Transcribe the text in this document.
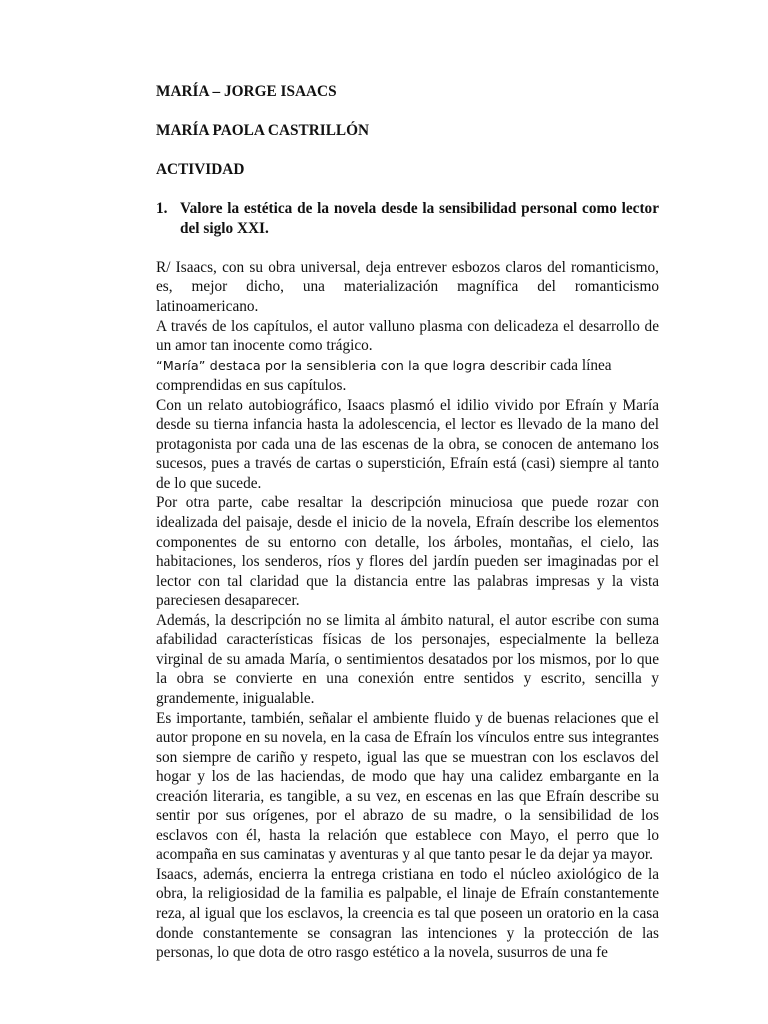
MARÍA – JORGE ISAACS

MARÍA PAOLA CASTRILLÓN

ACTIVIDAD

1. Valore la estética de la novela desde la sensibilidad personal como lector del siglo XXI.

R/ Isaacs, con su obra universal, deja entrever esbozos claros del romanticismo, es, mejor dicho, una materialización magnífica del romanticismo latinoamericano.

A través de los capítulos, el autor valluno plasma con delicadeza el desarrollo de un amor tan inocente como trágico.

“María” destaca por la sensibleria con la que logra describir cada línea

comprendidas en sus capítulos.

Con un relato autobiográfico, Isaacs plasmó el idilio vivido por Efraín y María desde su tierna infancia hasta la adolescencia, el lector es llevado de la mano del protagonista por cada una de las escenas de la obra, se conocen de antemano los sucesos, pues a través de cartas o superstición, Efraín está (casi) siempre al tanto de lo que sucede.

Por otra parte, cabe resaltar la descripción minuciosa que puede rozar con idealizada del paisaje, desde el inicio de la novela, Efraín describe los elementos componentes de su entorno con detalle, los árboles, montañas, el cielo, las habitaciones, los senderos, ríos y flores del jardín pueden ser imaginadas por el lector con tal claridad que la distancia entre las palabras impresas y la vista pareciesen desaparecer.

Además, la descripción no se limita al ámbito natural, el autor escribe con suma afabilidad características físicas de los personajes, especialmente la belleza virginal de su amada María, o sentimientos desatados por los mismos, por lo que la obra se convierte en una conexión entre sentidos y escrito, sencilla y grandemente, inigualable.

Es importante, también, señalar el ambiente fluido y de buenas relaciones que el autor propone en su novela, en la casa de Efraín los vínculos entre sus integrantes son siempre de cariño y respeto, igual las que se muestran con los esclavos del hogar y los de las haciendas, de modo que hay una calidez embargante en la creación literaria, es tangible, a su vez, en escenas en las que Efraín describe su sentir por sus orígenes, por el abrazo de su madre, o la sensibilidad de los esclavos con él, hasta la relación que establece con Mayo, el perro que lo acompaña en sus caminatas y aventuras y al que tanto pesar le da dejar ya mayor.

Isaacs, además, encierra la entrega cristiana en todo el núcleo axiológico de la obra, la religiosidad de la familia es palpable, el linaje de Efraín constantemente reza, al igual que los esclavos, la creencia es tal que poseen un oratorio en la casa donde constantemente se consagran las intenciones y la protección de las personas, lo que dota de otro rasgo estético a la novela, susurros de una fe
